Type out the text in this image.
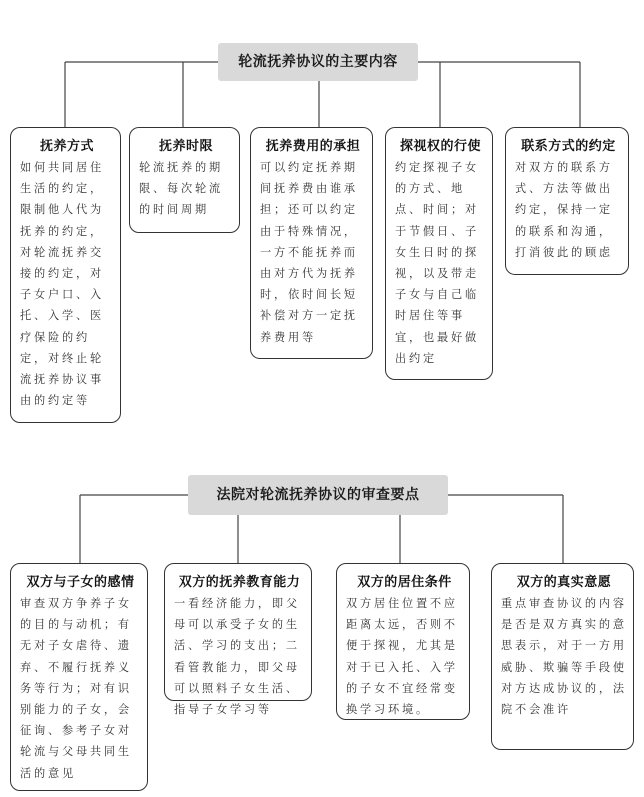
轮流抚养协议的主要内容
抚养方式

如何共同居住生活的约定，限制他人代为抚养的约定，对轮流抚养交接的约定，对子女户口、入托、入学、医疗保险的约定，对终止轮流抚养协议事由的约定等

抚养时限

轮流抚养的期限、每次轮流的时间周期

抚养费用的承担

可以约定抚养期间抚养费由谁承担；还可以约定由于特殊情况，一方不能抚养而由对方代为抚养时，依时间长短补偿对方一定抚养费用等

探视权的行使

约定探视子女的方式、地点、时间；对于节假日、子女生日时的探视，以及带走子女与自己临时居住等事宜，也最好做出约定

联系方式的约定

对双方的联系方式、方法等做出约定，保持一定的联系和沟通，打消彼此的顾虑

法院对轮流抚养协议的审查要点
双方与子女的感情

审查双方争养子女的目的与动机；有无对子女虐待、遗弃、不履行抚养义务等行为；对有识别能力的子女，会征询、参考子女对轮流与父母共同生活的意见

双方的抚养教育能力

一看经济能力，即父母可以承受子女的生活、学习的支出；二看管教能力，即父母可以照料子女生活、指导子女学习等

双方的居住条件

双方居住位置不应距离太远，否则不便于探视，尤其是对于已入托、入学的子女不宜经常变换学习环境。

双方的真实意愿

重点审查协议的内容是否是双方真实的意思表示，对于一方用威胁、欺骗等手段使对方达成协议的，法院不会准许
